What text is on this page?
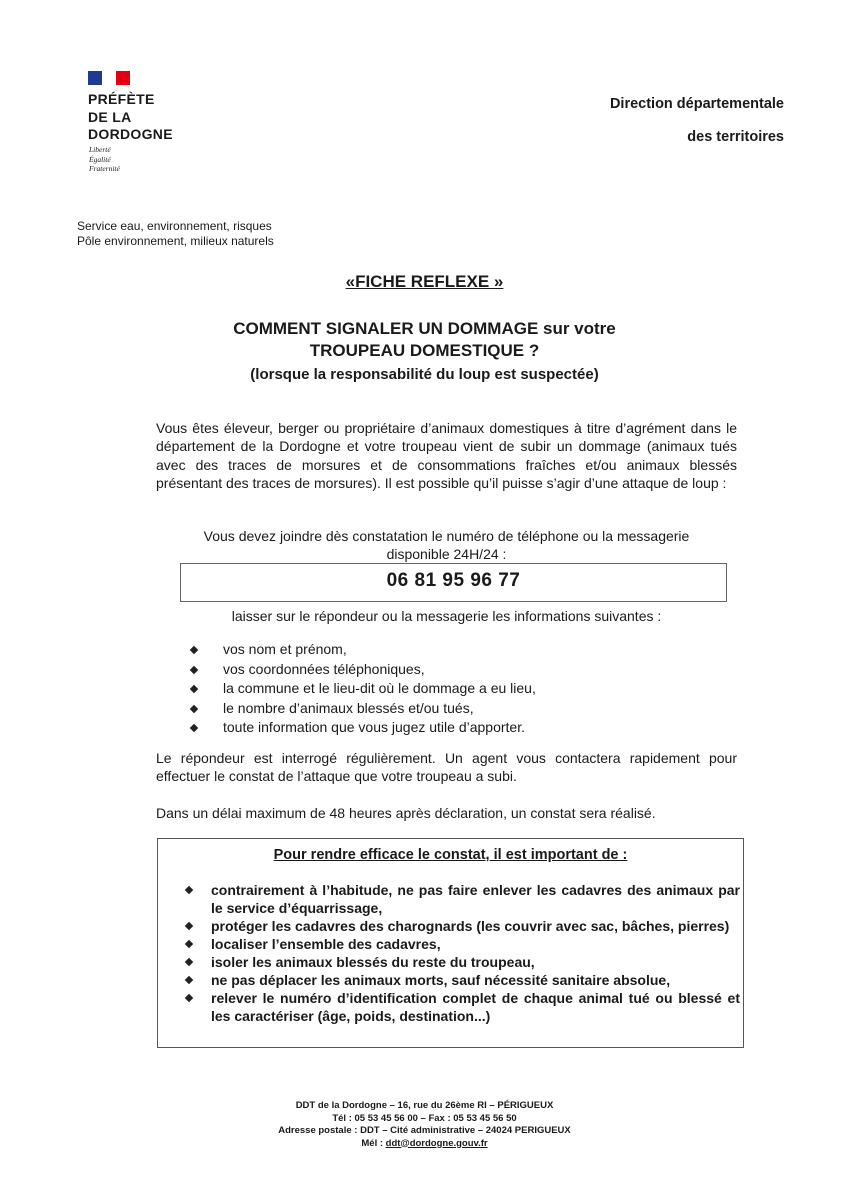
PRÉFÈTE
DE LA
DORDOGNE
Liberté
Égalité
Fraternité
Direction départementale
des territoires
Service eau, environnement, risques
Pôle environnement, milieux naturels
«FICHE REFLEXE »
COMMENT SIGNALER UN DOMMAGE sur votre
TROUPEAU DOMESTIQUE ?
(lorsque la responsabilité du loup est suspectée)
Vous êtes éleveur, berger ou propriétaire d’animaux domestiques à titre d’agrément dans le département de la Dordogne et votre troupeau vient de subir un dommage (animaux tués avec des traces de morsures et de consommations fraîches et/ou animaux blessés présentant des traces de morsures). Il est possible qu’il puisse s’agir d’une attaque de loup :
Vous devez joindre dès constatation le numéro de téléphone ou la messagerie
disponible 24H/24 :
06 81 95 96 77
laisser sur le répondeur ou la messagerie les informations suivantes :
vos nom et prénom,
vos coordonnées téléphoniques,
la commune et le lieu-dit où le dommage a eu lieu,
le nombre d’animaux blessés et/ou tués,
toute information que vous jugez utile d’apporter.
Le répondeur est interrogé régulièrement. Un agent vous contactera rapidement pour effectuer le constat de l’attaque que votre troupeau a subi.
Dans un délai maximum de 48 heures après déclaration, un constat sera réalisé.
Pour rendre efficace le constat, il est important de :
contrairement à l’habitude, ne pas faire enlever les cadavres des animaux par le service d’équarrissage,
protéger les cadavres des charognards (les couvrir avec sac, bâches, pierres)
localiser l’ensemble des cadavres,
isoler les animaux blessés du reste du troupeau,
ne pas déplacer les animaux morts, sauf nécessité sanitaire absolue,
relever le numéro d’identification complet de chaque animal tué ou blessé et les caractériser (âge, poids, destination...)
DDT de la Dordogne – 16, rue du 26ème RI – PÉRIGUEUX
Tél : 05 53 45 56 00 – Fax : 05 53 45 56 50
Adresse postale : DDT – Cité administrative – 24024 PERIGUEUX
Mél : ddt@dordogne.gouv.fr
